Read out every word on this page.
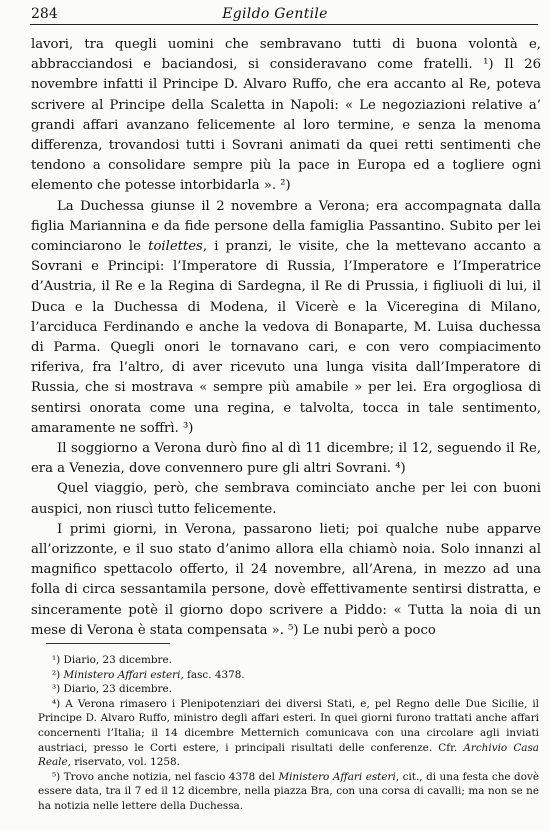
284	Egildo Gentile

lavori, tra quegli uomini che sembravano tutti di buona volontà e, abbracciandosi e baciandosi, si consideravano come fratelli. ¹) Il 26 novembre infatti il Principe D. Alvaro Ruffo, che era accanto al Re, poteva scrivere al Principe della Scaletta in Napoli: « Le negoziazioni relative a’ grandi affari avanzano felicemente al loro termine, e senza la menoma differenza, trovandosi tutti i Sovrani animati da quei retti sentimenti che tendono a consolidare sempre più la pace in Europa ed a togliere ogni elemento che potesse intorbidarla ». ²)

La Duchessa giunse il 2 novembre a Verona; era accompagnata dalla figlia Mariannina e da fide persone della famiglia Passantino. Subito per lei cominciarono le toilettes, i pranzi, le visite, che la mettevano accanto a Sovrani e Principi: l’Imperatore di Russia, l’Imperatore e l’Imperatrice d’Austria, il Re e la Regina di Sardegna, il Re di Prussia, i figliuoli di lui, il Duca e la Duchessa di Modena, il Vicerè e la Viceregina di Milano, l’arciduca Ferdinando e anche la vedova di Bonaparte, M. Luisa duchessa di Parma. Quegli onori le tornavano cari, e con vero compiacimento riferiva, fra l’altro, di aver ricevuto una lunga visita dall’Imperatore di Russia, che si mostrava « sempre più amabile » per lei. Era orgogliosa di sentirsi onorata come una regina, e talvolta, tocca in tale sentimento, amaramente ne soffrì. ³)

Il soggiorno a Verona durò fino al dì 11 dicembre; il 12, seguendo il Re, era a Venezia, dove convennero pure gli altri Sovrani. ⁴)

Quel viaggio, però, che sembrava cominciato anche per lei con buoni auspici, non riuscì tutto felicemente.

I primi giorni, in Verona, passarono lieti; poi qualche nube apparve all’orizzonte, e il suo stato d’animo allora ella chiamò noia. Solo innanzi al magnifico spettacolo offerto, il 24 novembre, all’Arena, in mezzo ad una folla di circa sessantamila persone, dovè effettivamente sentirsi distratta, e sinceramente potè il giorno dopo scrivere a Piddo: « Tutta la noia di un mese di Verona è stata compensata ». ⁵) Le nubi però a poco

¹) Diario, 23 dicembre.

²) Ministero Affari esteri, fasc. 4378.

³) Diario, 23 dicembre.

⁴) A Verona rimasero i Plenipotenziari dei diversi Stati, e, pel Regno delle Due Sicilie, il Principe D. Alvaro Ruffo, ministro degli affari esteri. In quei giorni furono trattati anche affari concernenti l’Italia; il 14 dicembre Metternich comunicava con una circolare agli inviati austriaci, presso le Corti estere, i principali risultati delle conferenze. Cfr. Archivio Casa Reale, riservato, vol. 1258.

⁵) Trovo anche notizia, nel fascio 4378 del Ministero Affari esteri, cit., di una festa che dovè essere data, tra il 7 ed il 12 dicembre, nella piazza Bra, con una corsa di cavalli; ma non se ne ha notizia nelle lettere della Duchessa.
